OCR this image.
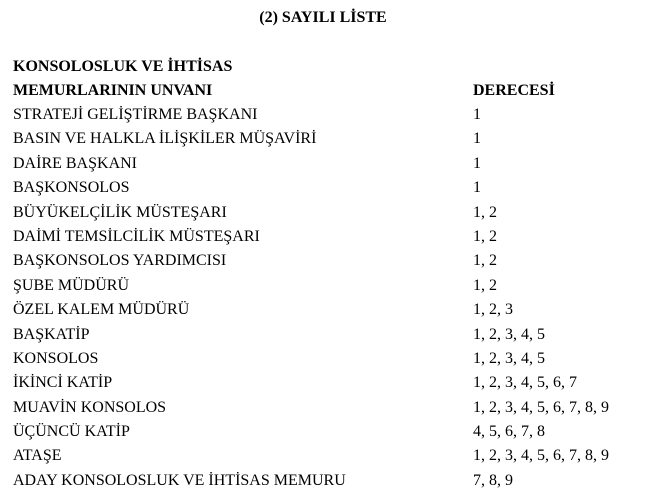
(2) SAYILI LİSTE
KONSOLOSLUK VE İHTİSAS
MEMURLARININ UNVANI	DERECESİ
STRATEJİ GELİŞTİRME BAŞKANI	1
BASIN VE HALKLA İLİŞKİLER MÜŞAVİRİ	1
DAİRE BAŞKANI	1
BAŞKONSOLOS	1
BÜYÜKELÇİLİK MÜSTEŞARI	1, 2
DAİMİ TEMSİLCİLİK MÜSTEŞARI	1, 2
BAŞKONSOLOS YARDIMCISI	1, 2
ŞUBE MÜDÜRÜ	1, 2
ÖZEL KALEM MÜDÜRÜ	1, 2, 3
BAŞKATİP	1, 2, 3, 4, 5
KONSOLOS	1, 2, 3, 4, 5
İKİNCİ KATİP	1, 2, 3, 4, 5, 6, 7
MUAVİN KONSOLOS	1, 2, 3, 4, 5, 6, 7, 8, 9
ÜÇÜNCÜ KATİP	4, 5, 6, 7, 8
ATAŞE	1, 2, 3, 4, 5, 6, 7, 8, 9
ADAY KONSOLOSLUK VE İHTİSAS MEMURU	7, 8, 9
